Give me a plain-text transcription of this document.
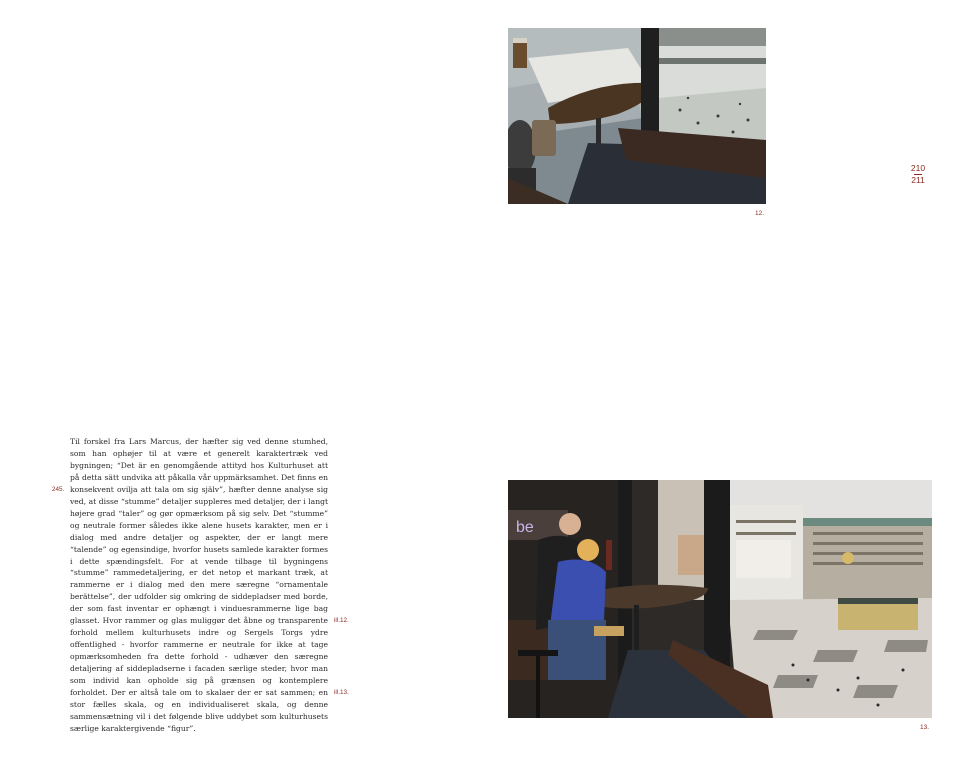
210
211
12.
be
13.
245.
ill.12.
ill.13.

Til forskel fra Lars Marcus, der hæfter sig ved denne stumhed, som han ophøjer til at være et generelt karaktertræk ved bygningen; “Det är en genomgående attityd hos Kulturhuset att på detta sätt undvika att påkalla vår uppmärksamhet. Det finns en konsekvent ovilja att tala om sig själv”, hæfter denne analyse sig ved, at disse “stumme” detaljer suppleres med detaljer, der i langt højere grad “taler” og gør opmærksom på sig selv. Det “stumme” og neutrale former således ikke alene husets karakter, men er i dialog med andre detaljer og aspekter, der er langt mere “talende” og egensindige, hvorfor husets samlede karakter formes i dette spændingsfelt. For at vende tilbage til bygningens “stumme” rammedetaljering, er det netop et markant træk, at rammerne er i dialog med den mere særegne “ornamentale berättelse”, der udfolder sig omkring de siddepladser med borde, der som fast inventar er ophængt i vinduesrammerne lige bag glasset. Hvor rammer og glas muliggør det åbne og transparente forhold mellem kulturhusets indre og Sergels Torgs ydre offentlighed - hvorfor rammerne er neutrale for ikke at tage opmærksomheden fra dette forhold - udhæver den særegne detaljering af siddepladserne i facaden særlige steder, hvor man som individ kan opholde sig på grænsen og kontemplere forholdet. Der er altså tale om to skalaer der er sat sammen; en stor fælles skala, og en individualiseret skala, og denne sammensætning vil i det følgende blive uddybet som kulturhusets særlige karaktergivende “figur”.
